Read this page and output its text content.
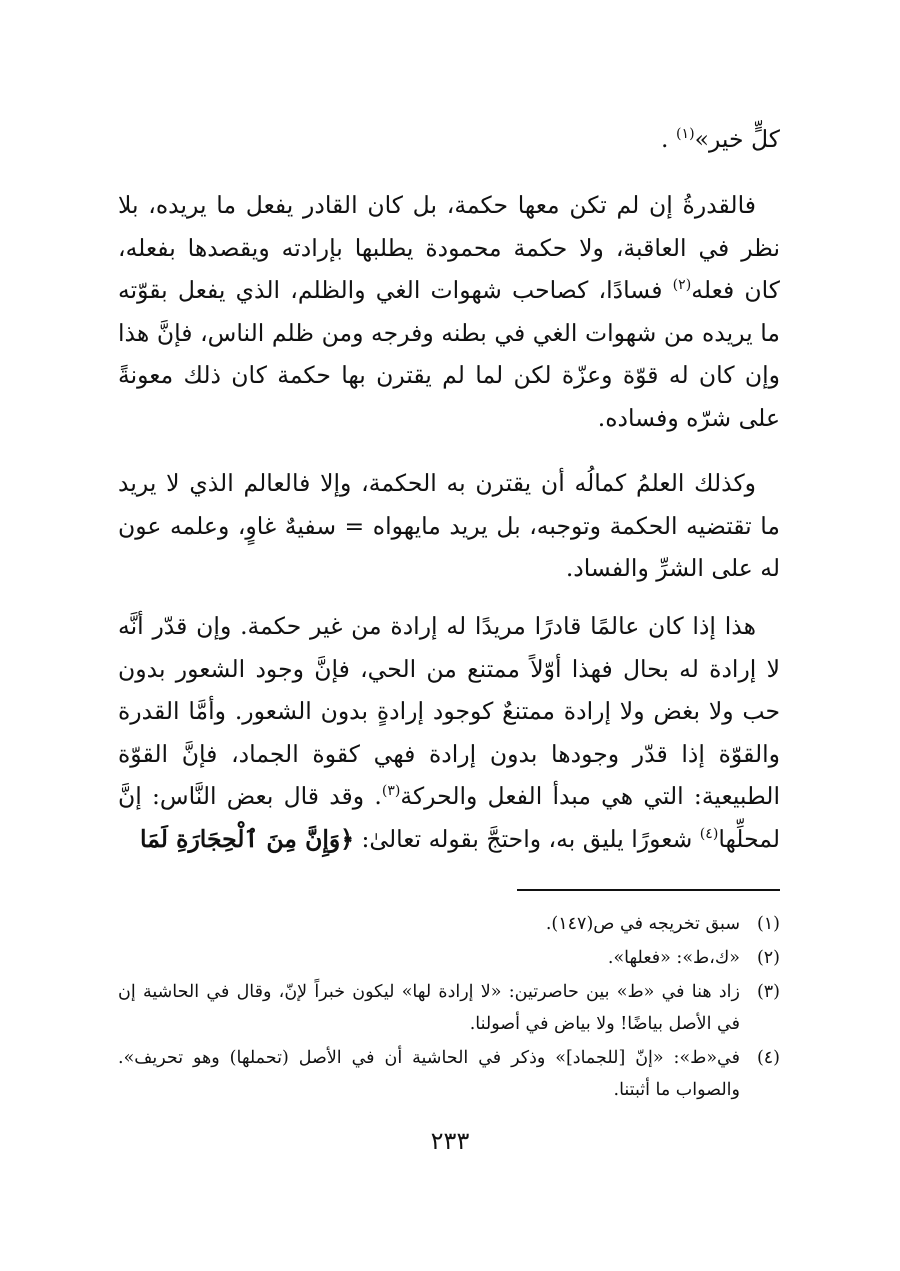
كلٍّ خير»$^{(١)}$ .

فالقدرةُ إن لم تكن معها حكمة، بل كان القادر يفعل ما يريده، بلا نظر في العاقبة، ولا حكمة محمودة يطلبها بإرادته ويقصدها بفعله، كان فعله$^{(٢)}$ فسادًا، كصاحب شهوات الغي والظلم، الذي يفعل بقوّته ما يريده من شهوات الغي في بطنه وفرجه ومن ظلم الناس، فإنَّ هذا وإن كان له قوّة وعزّة لكن لما لم يقترن بها حكمة كان ذلك معونةً على شرّه وفساده.

وكذلك العلمُ كمالُه أن يقترن به الحكمة، وإلا فالعالم الذي لا يريد ما تقتضيه الحكمة وتوجبه، بل يريد مايهواه = سفيهٌ غاوٍ، وعلمه عون له على الشرِّ والفساد.

هذا إذا كان عالمًا قادرًا مريدًا له إرادة من غير حكمة. وإن قدّر أنَّه لا إرادة له بحال فهذا أوّلاً ممتنع من الحي، فإنَّ وجود الشعور بدون حب ولا بغض ولا إرادة ممتنعٌ كوجود إرادةٍ بدون الشعور. وأمَّا القدرة والقوّة إذا قدّر وجودها بدون إرادة فهي كقوة الجماد، فإنَّ القوّة الطبيعية: التي هي مبدأ الفعل والحركة$^{(٣)}$. وقد قال بعض النَّاس: إنَّ لمحلِّها$^{(٤)}$ شعورًا يليق به، واحتجَّ بقوله تعالىٰ: ﴿وَإِنَّ مِنَ ٱلْحِجَارَةِ لَمَا

(١)
سبق تخريجه في ص(١٤٧).
(٢)
«ك،ط»: «فعلها».
(٣)
زاد هنا في «ط» بين حاصرتين: «لا إرادة لها» ليكون خبراً لإنّ، وقال في الحاشية إن في الأصل بياضًا! ولا بياض في أصولنا.
(٤)
في«ط»: «إنّ [للجماد]» وذكر في الحاشية أن في الأصل (تحملها) وهو تحريف». والصواب ما أثبتنا.
٢٣٣
